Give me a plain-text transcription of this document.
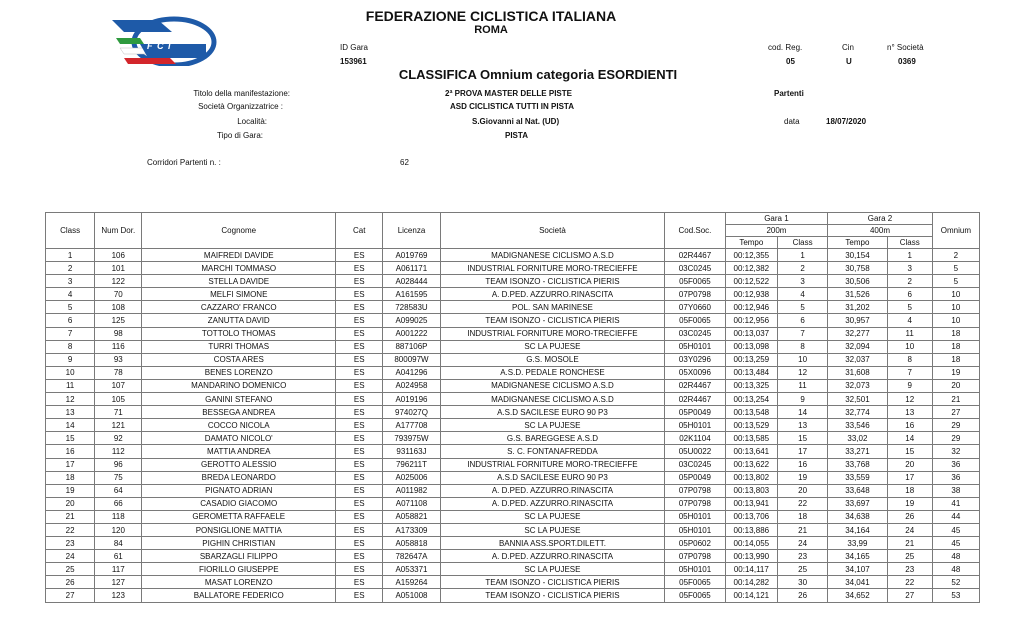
F C I
FEDERAZIONE CICLISTICA ITALIANA
ROMA
ID Gara
153961
cod. Reg.
05
Cin
U
n° Società
0369
CLASSIFICA Omnium categoria ESORDIENTI
Titolo della manifestazione:	2ª PROVA MASTER DELLE PISTE	Partenti
Società Organizzatrice :	ASD CICLISTICA TUTTI IN PISTA
Località:	S.Giovanni al Nat. (UD)	data	18/07/2020
Tipo di Gara:	PISTA
Corridori Partenti n. :	62
Class	Num Dor.	Cognome	Cat	Licenza	Società	Cod.Soc.	Gara 1		Gara 2		Omnium
							200m		400m		
							Tempo	Class	Tempo	Class	
1	106	MAIFREDI DAVIDE	ES	A019769	MADIGNANESE CICLISMO A.S.D	02R4467	00:12,355	1	30,154	1	2
2	101	MARCHI TOMMASO	ES	A061171	INDUSTRIAL FORNITURE MORO-TRECIEFFE	03C0245	00:12,382	2	30,758	3	5
3	122	STELLA DAVIDE	ES	A028444	TEAM ISONZO - CICLISTICA PIERIS	05F0065	00:12,522	3	30,506	2	5
4	70	MELFI SIMONE	ES	A161595	A. D.PED. AZZURRO.RINASCITA	07P0798	00:12,938	4	31,526	6	10
5	108	CAZZARO' FRANCO	ES	728583U	POL. SAN MARINESE	07Y0660	00:12,946	5	31,202	5	10
6	125	ZANUTTA DAVID	ES	A099025	TEAM ISONZO - CICLISTICA PIERIS	05F0065	00:12,956	6	30,957	4	10
7	98	TOTTOLO THOMAS	ES	A001222	INDUSTRIAL FORNITURE MORO-TRECIEFFE	03C0245	00:13,037	7	32,277	11	18
8	116	TURRI THOMAS	ES	887106P	SC LA PUJESE	05H0101	00:13,098	8	32,094	10	18
9	93	COSTA ARES	ES	800097W	G.S. MOSOLE	03Y0296	00:13,259	10	32,037	8	18
10	78	BENES LORENZO	ES	A041296	A.S.D. PEDALE RONCHESE	05X0096	00:13,484	12	31,608	7	19
11	107	MANDARINO DOMENICO	ES	A024958	MADIGNANESE CICLISMO A.S.D	02R4467	00:13,325	11	32,073	9	20
12	105	GANINI STEFANO	ES	A019196	MADIGNANESE CICLISMO A.S.D	02R4467	00:13,254	9	32,501	12	21
13	71	BESSEGA ANDREA	ES	974027Q	A.S.D SACILESE EURO 90 P3	05P0049	00:13,548	14	32,774	13	27
14	121	COCCO NICOLA	ES	A177708	SC LA PUJESE	05H0101	00:13,529	13	33,546	16	29
15	92	DAMATO NICOLO'	ES	793975W	G.S. BAREGGESE A.S.D	02K1104	00:13,585	15	33,02	14	29
16	112	MATTIA ANDREA	ES	931163J	S. C. FONTANAFREDDA	05U0022	00:13,641	17	33,271	15	32
17	96	GEROTTO ALESSIO	ES	796211T	INDUSTRIAL FORNITURE MORO-TRECIEFFE	03C0245	00:13,622	16	33,768	20	36
18	75	BREDA LEONARDO	ES	A025006	A.S.D SACILESE EURO 90 P3	05P0049	00:13,802	19	33,559	17	36
19	64	PIGNATO ADRIAN	ES	A011982	A. D.PED. AZZURRO.RINASCITA	07P0798	00:13,803	20	33,648	18	38
20	66	CASADIO GIACOMO	ES	A071108	A. D.PED. AZZURRO.RINASCITA	07P0798	00:13,941	22	33,697	19	41
21	118	GEROMETTA RAFFAELE	ES	A058821	SC LA PUJESE	05H0101	00:13,706	18	34,638	26	44
22	120	PONSIGLIONE MATTIA	ES	A173309	SC LA PUJESE	05H0101	00:13,886	21	34,164	24	45
23	84	PIGHIN CHRISTIAN	ES	A058818	BANNIA ASS.SPORT.DILETT.	05P0602	00:14,055	24	33,99	21	45
24	61	SBARZAGLI FILIPPO	ES	782647A	A. D.PED. AZZURRO.RINASCITA	07P0798	00:13,990	23	34,165	25	48
25	117	FIORILLO GIUSEPPE	ES	A053371	SC LA PUJESE	05H0101	00:14,117	25	34,107	23	48
26	127	MASAT LORENZO	ES	A159264	TEAM ISONZO - CICLISTICA PIERIS	05F0065	00:14,282	30	34,041	22	52
27	123	BALLATORE FEDERICO	ES	A051008	TEAM ISONZO - CICLISTICA PIERIS	05F0065	00:14,121	26	34,652	27	53
